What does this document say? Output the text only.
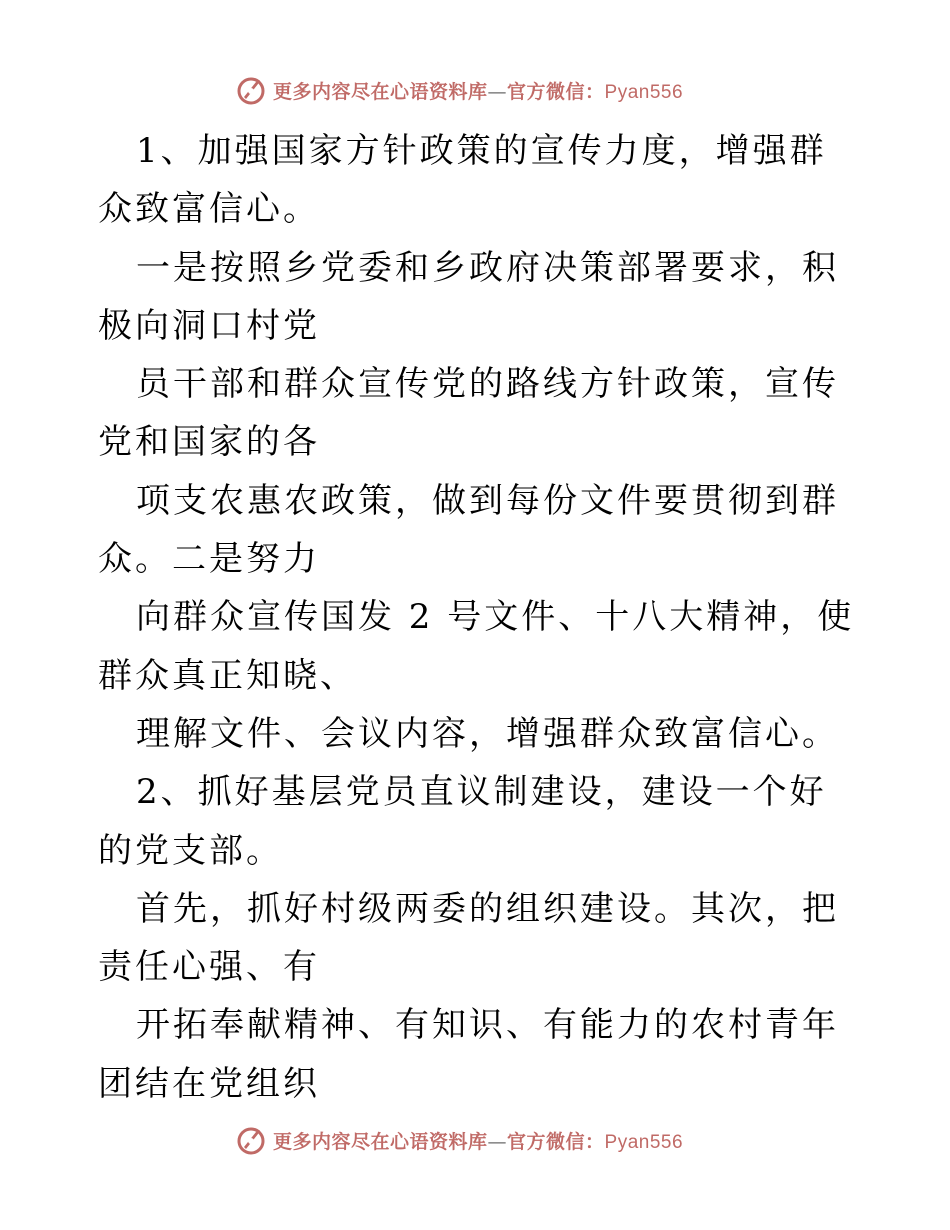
更多内容尽在心语资料库—官方微信：Pyan556

1、加强国家方针政策的宣传力度，增强群众致富信心。

一是按照乡党委和乡政府决策部署要求，积极向洞口村党

员干部和群众宣传党的路线方针政策，宣传党和国家的各

项支农惠农政策，做到每份文件要贯彻到群众。二是努力

向群众宣传国发 2 号文件、十八大精神，使群众真正知晓、

理解文件、会议内容，增强群众致富信心。

2、抓好基层党员直议制建设，建设一个好的党支部。

首先，抓好村级两委的组织建设。其次，把责任心强、有

开拓奉献精神、有知识、有能力的农村青年团结在党组织

更多内容尽在心语资料库—官方微信：Pyan556
